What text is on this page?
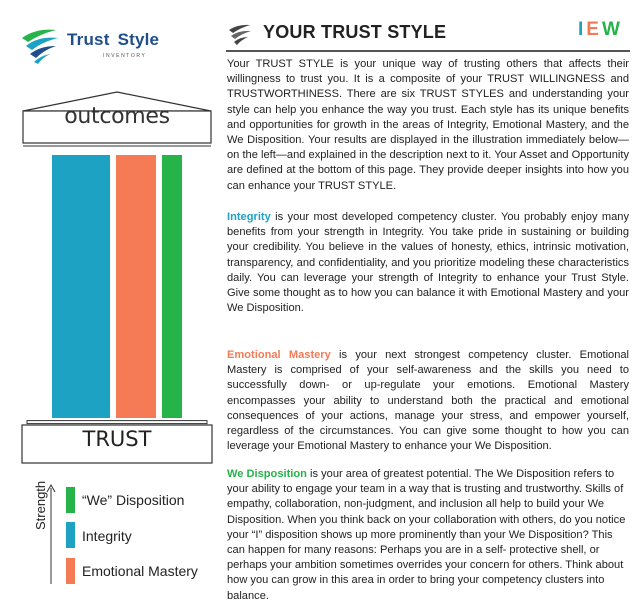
Trust Style
INVENTORY
outcomes
TRUST
Strength “We” Disposition
Integrity
Emotional Mastery
YOUR TRUST STYLE	IEW

Your TRUST STYLE is your unique way of trusting others that affects their willingness to trust you. It is a composite of your TRUST WILLINGNESS and TRUSTWORTHINESS. There are six TRUST STYLES and understanding your style can help you enhance the way you trust. Each style has its unique benefits and opportunities for growth in the areas of Integrity, Emotional Mastery, and the We Disposition. Your results are displayed in the illustration immediately below—on the left—and explained in the description next to it. Your Asset and Opportunity are defined at the bottom of this page. They provide deeper insights into how you can enhance your TRUST STYLE.

Integrity is your most developed competency cluster. You probably enjoy many benefits from your strength in Integrity. You take pride in sustaining or building your credibility. You believe in the values of honesty, ethics, intrinsic motivation, transparency, and confidentiality, and you prioritize modeling these characteristics daily. You can leverage your strength of Integrity to enhance your Trust Style. Give some thought as to how you can balance it with Emotional Mastery and your We Disposition.

Emotional Mastery is your next strongest competency cluster. Emotional Mastery is comprised of your self-awareness and the skills you need to successfully down- or up-regulate your emotions. Emotional Mastery encompasses your ability to understand both the practical and emotional consequences of your actions, manage your stress, and empower yourself, regardless of the circumstances. You can give some thought to how you can leverage your Emotional Mastery to enhance your We Disposition.

We Disposition is your area of greatest potential. The We Disposition refers to your ability to engage your team in a way that is trusting and trustworthy. Skills of empathy, collaboration, non-judgment, and inclusion all help to build your We Disposition. When you think back on your collaboration with others, do you notice your “I” disposition shows up more prominently than your We Disposition? This can happen for many reasons: Perhaps you are in a self- protective shell, or perhaps your ambition sometimes overrides your concern for others. Think about how you can grow in this area in order to bring your competency clusters into balance.
